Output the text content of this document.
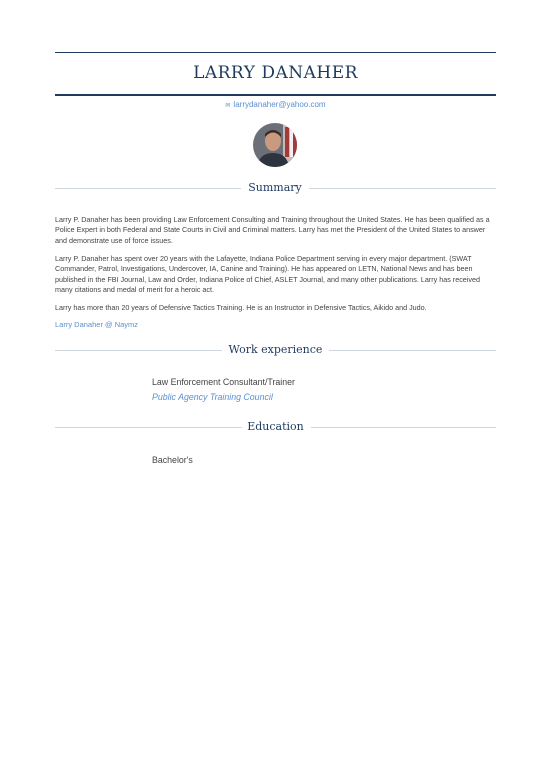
LARRY DANAHER
✉ larrydanaher@yahoo.com
Summary

Larry P. Danaher has been providing Law Enforcement Consulting and Training throughout the United States. He has been qualified as a Police Expert in both Federal and State Courts in Civil and Criminal matters. Larry has met the President of the United States to answer and demonstrate use of force issues.

Larry P. Danaher has spent over 20 years with the Lafayette, Indiana Police Department serving in every major department. (SWAT Commander, Patrol, Investigations, Undercover, IA, Canine and Training). He has appeared on LETN, National News and has been published in the FBI Journal, Law and Order, Indiana Police of Chief, ASLET Journal, and many other publications. Larry has received many citations and medal of merit for a heroic act.

Larry has more than 20 years of Defensive Tactics Training. He is an Instructor in Defensive Tactics, Aikido and Judo.

Larry Danaher @ Naymz
Work experience
Law Enforcement Consultant/Trainer
Public Agency Training Council
Education
Bachelor's
